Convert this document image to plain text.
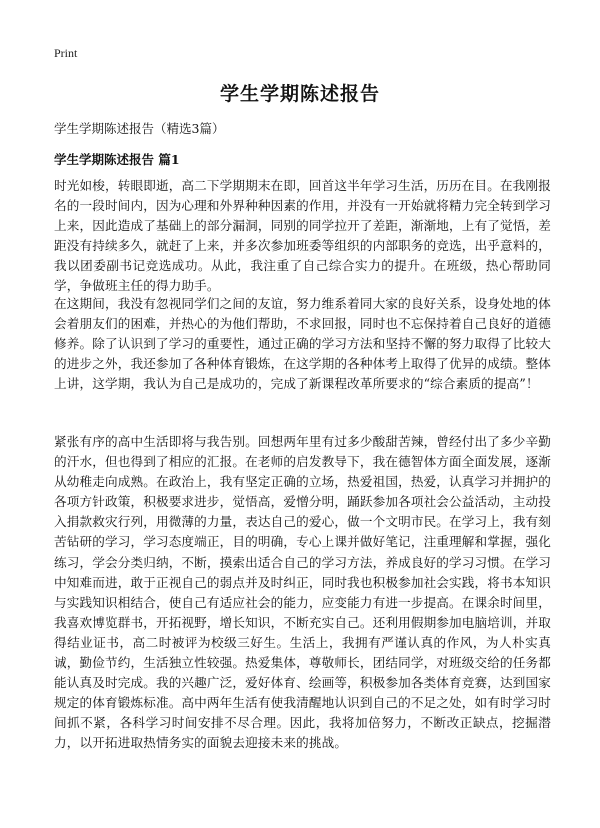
Print
学生学期陈述报告

学生学期陈述报告（精选3篇）

学生学期陈述报告 篇1

时光如梭，转眼即逝，高二下学期期末在即，回首这半年学习生活，历历在目。在我刚报名的一段时间内，因为心理和外界种种因素的作用，并没有一开始就将精力完全转到学习上来，因此造成了基础上的部分漏洞，同别的同学拉开了差距，渐渐地，上有了觉悟，差距没有持续多久，就赶了上来，并多次参加班委等组织的内部职务的竞选，出乎意料的，我以团委副书记竞选成功。从此，我注重了自己综合实力的提升。在班级，热心帮助同学，争做班主任的得力助手。

在这期间，我没有忽视同学们之间的友谊，努力维系着同大家的良好关系，设身处地的体会着朋友们的困难，并热心的为他们帮助，不求回报，同时也不忘保持着自己良好的道德修养。除了认识到了学习的重要性，通过正确的学习方法和坚持不懈的努力取得了比较大的进步之外，我还参加了各种体育锻炼，在这学期的各种体考上取得了优异的成绩。整体上讲，这学期，我认为自己是成功的，完成了新课程改革所要求的“综合素质的提高”！

紧张有序的高中生活即将与我告别。回想两年里有过多少酸甜苦辣，曾经付出了多少辛勤的汗水，但也得到了相应的汇报。在老师的启发教导下，我在德智体方面全面发展，逐渐从幼稚走向成熟。在政治上，我有坚定正确的立场，热爱祖国，热爱，认真学习并拥护的各项方针政策，积极要求进步，觉悟高，爱憎分明，踊跃参加各项社会公益活动，主动投入捐款救灾行列，用微薄的力量，表达自己的爱心，做一个文明市民。在学习上，我有刻苦钻研的学习，学习态度端正，目的明确，专心上课并做好笔记，注重理解和掌握，强化练习，学会分类归纳，不断，摸索出适合自己的学习方法，养成良好的学习习惯。在学习中知难而进，敢于正视自己的弱点并及时纠正，同时我也积极参加社会实践，将书本知识与实践知识相结合，使自己有适应社会的能力，应变能力有进一步提高。在课余时间里，我喜欢博览群书，开拓视野，增长知识，不断充实自己。还利用假期参加电脑培训，并取得结业证书，高二时被评为校级三好生。生活上，我拥有严谨认真的作风，为人朴实真诚，勤俭节约，生活独立性较强。热爱集体，尊敬师长，团结同学，对班级交给的任务都能认真及时完成。我的兴趣广泛，爱好体育、绘画等，积极参加各类体育竞赛，达到国家规定的体育锻炼标准。高中两年生活有使我清醒地认识到自己的不足之处，如有时学习时间抓不紧，各科学习时间安排不尽合理。因此，我将加倍努力，不断改正缺点，挖掘潜力，以开拓进取热情务实的面貌去迎接未来的挑战。
